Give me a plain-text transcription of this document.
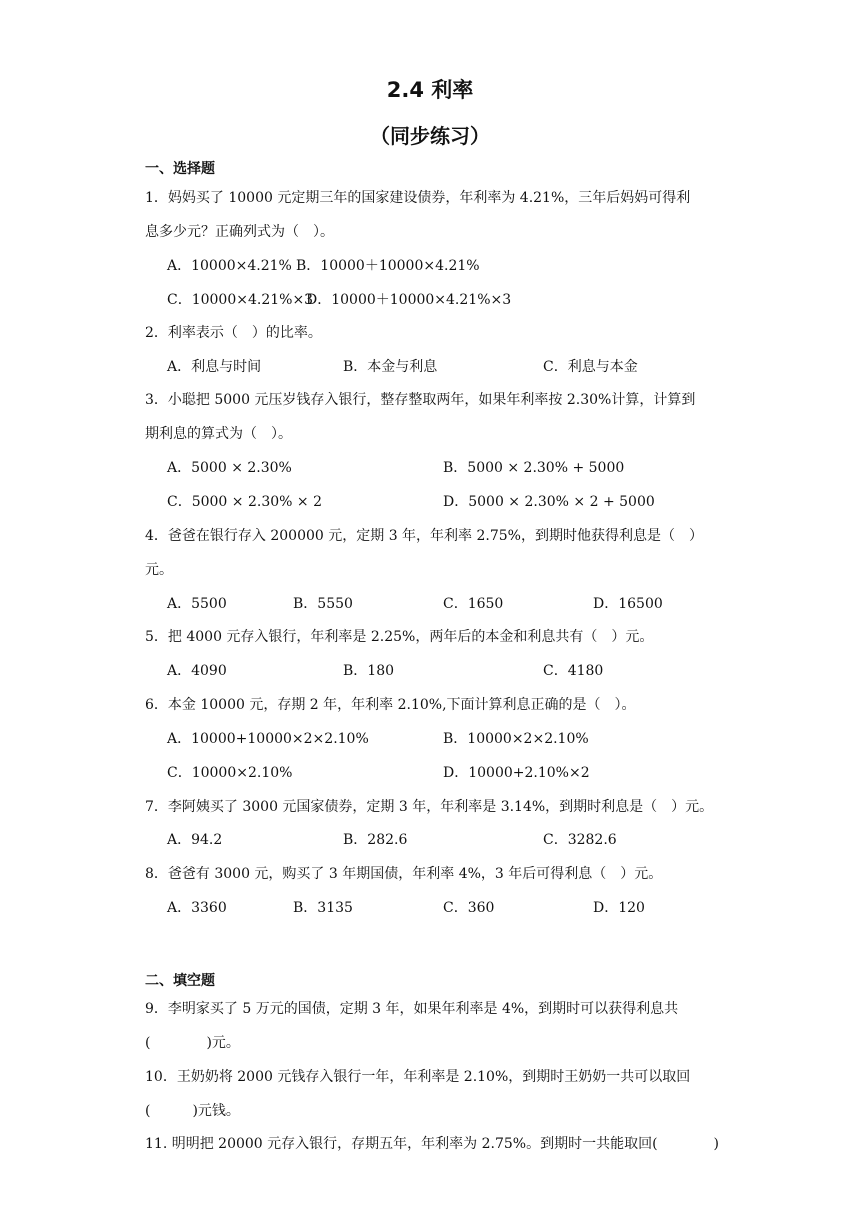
2.4 利率
（同步练习）
一、选择题
1．妈妈买了 10000 元定期三年的国家建设债券，年利率为 4.21%，三年后妈妈可得利
息多少元？正确列式为（　）。
A．10000×4.21% B．10000＋10000×4.21%
C．10000×4.21%×3
D．10000＋10000×4.21%×3
2．利率表示（　）的比率。
A．利息与时间	B．本金与利息	C．利息与本金
3．小聪把 5000 元压岁钱存入银行，整存整取两年，如果年利率按 2.30%计算，计算到
期利息的算式为（　）。
A．5000 × 2.30%	B．5000 × 2.30% + 5000
C．5000 × 2.30% × 2	D．5000 × 2.30% × 2 + 5000
4．爸爸在银行存入 200000 元，定期 3 年，年利率 2.75%，到期时他获得利息是（　）
元。
A．5500	B．5550	C．1650	D．16500
5．把 4000 元存入银行，年利率是 2.25%，两年后的本金和利息共有（　）元。
A．4090	B．180	C．4180
6．本金 10000 元，存期 2 年，年利率 2.10%,下面计算利息正确的是（　）。
A．10000+10000×2×2.10%	B．10000×2×2.10%
C．10000×2.10%	D．10000+2.10%×2
7．李阿姨买了 3000 元国家债券，定期 3 年，年利率是 3.14%，到期时利息是（　）元。
A．94.2	B．282.6	C．3282.6
8．爸爸有 3000 元，购买了 3 年期国债，年利率 4%，3 年后可得利息（　）元。
A．3360	B．3135	C．360	D．120
二、填空题
9．李明家买了 5 万元的国债，定期 3 年，如果年利率是 4%，到期时可以获得利息共
(　　　　)元。
10．王奶奶将 2000 元钱存入银行一年，年利率是 2.10%，到期时王奶奶一共可以取回
(　　　)元钱。
11. 明明把 20000 元存入银行，存期五年，年利率为 2.75%。到期时一共能取回(　　　　)
